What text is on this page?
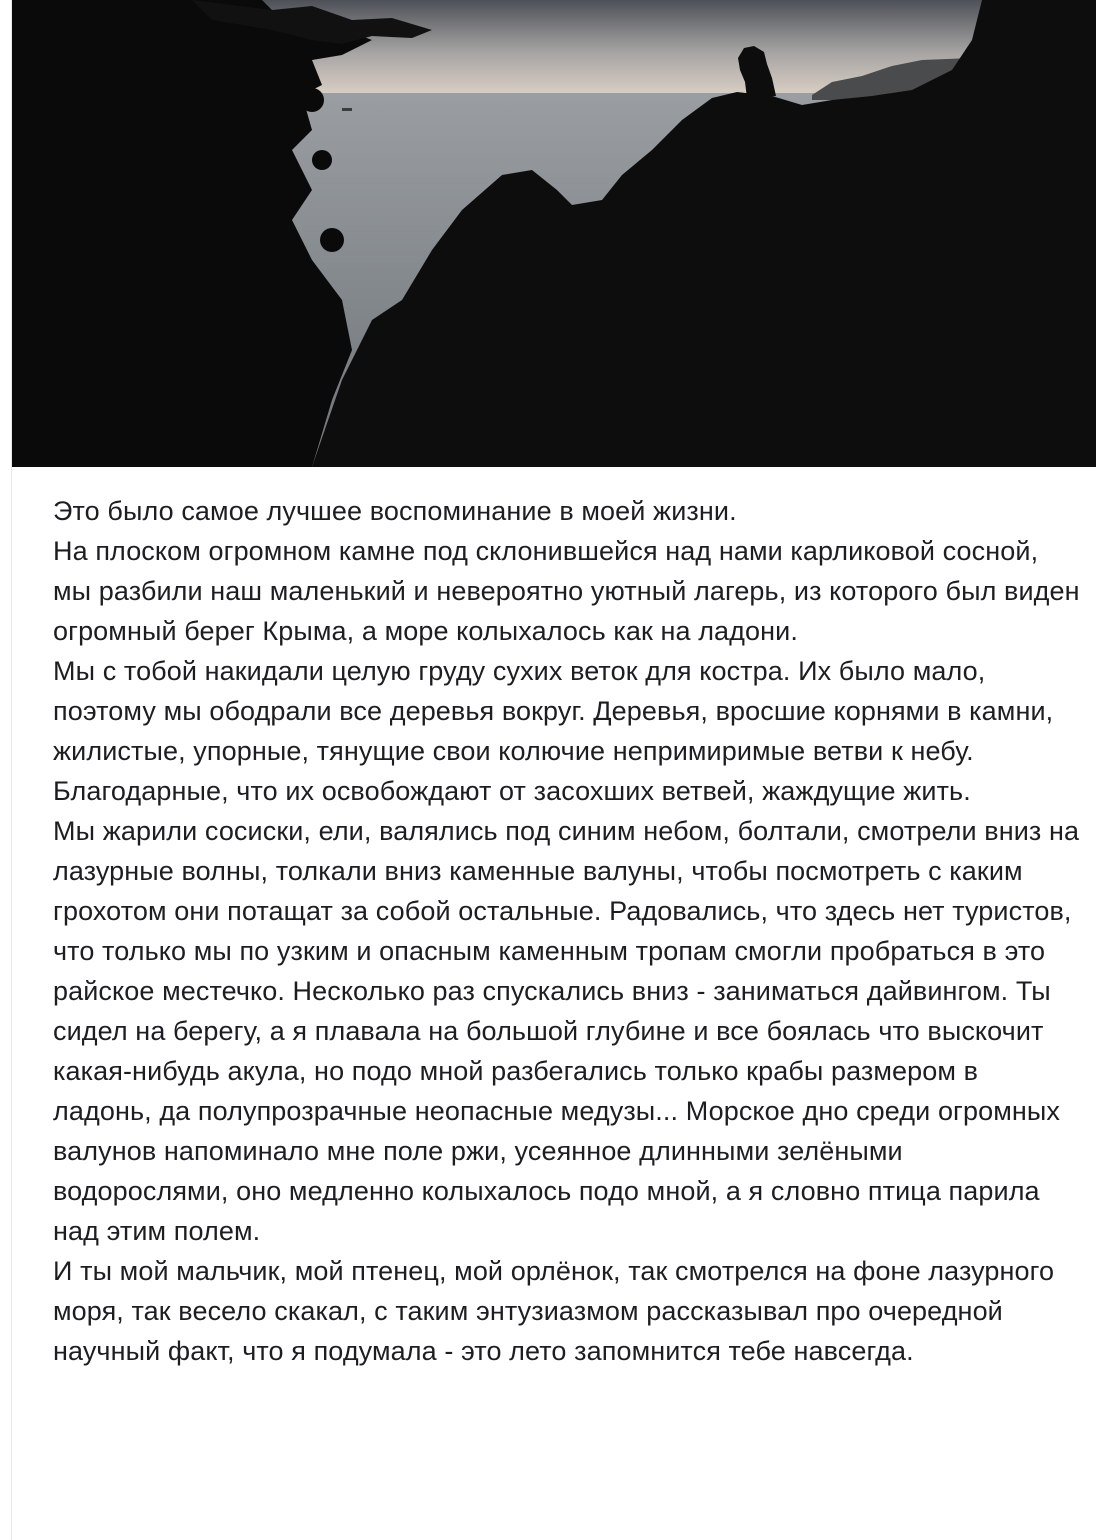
Это было самое лучшее воспоминание в моей жизни.

На плоском огромном камне под склонившейся над нами карликовой сосной, мы разбили наш маленький и невероятно уютный лагерь, из которого был виден огромный берег Крыма, а море колыхалось как на ладони.

Мы с тобой накидали целую груду сухих веток для костра. Их было мало, поэтому мы ободрали все деревья вокруг. Деревья, вросшие корнями в камни, жилистые, упорные, тянущие свои колючие непримиримые ветви к небу. Благодарные, что их освобождают от засохших ветвей, жаждущие жить.

Мы жарили сосиски, ели, валялись под синим небом, болтали, смотрели вниз на лазурные волны, толкали вниз каменные валуны, чтобы посмотреть с каким грохотом они потащат за собой остальные. Радовались, что здесь нет туристов, что только мы по узким и опасным каменным тропам смогли пробраться в это райское местечко. Несколько раз спускались вниз - заниматься дайвингом. Ты сидел на берегу, а я плавала на большой глубине и все боялась что выскочит какая-нибудь акула, но подо мной разбегались только крабы размером в ладонь, да полупрозрачные неопасные медузы... Морское дно среди огромных валунов напоминало мне поле ржи, усеянное длинными зелёными водорослями, оно медленно колыхалось подо мной, а я словно птица парила над этим полем.

И ты мой мальчик, мой птенец, мой орлёнок, так смотрелся на фоне лазурного моря, так весело скакал, с таким энтузиазмом рассказывал про очередной научный факт, что я подумала - это лето запомнится тебе навсегда.
